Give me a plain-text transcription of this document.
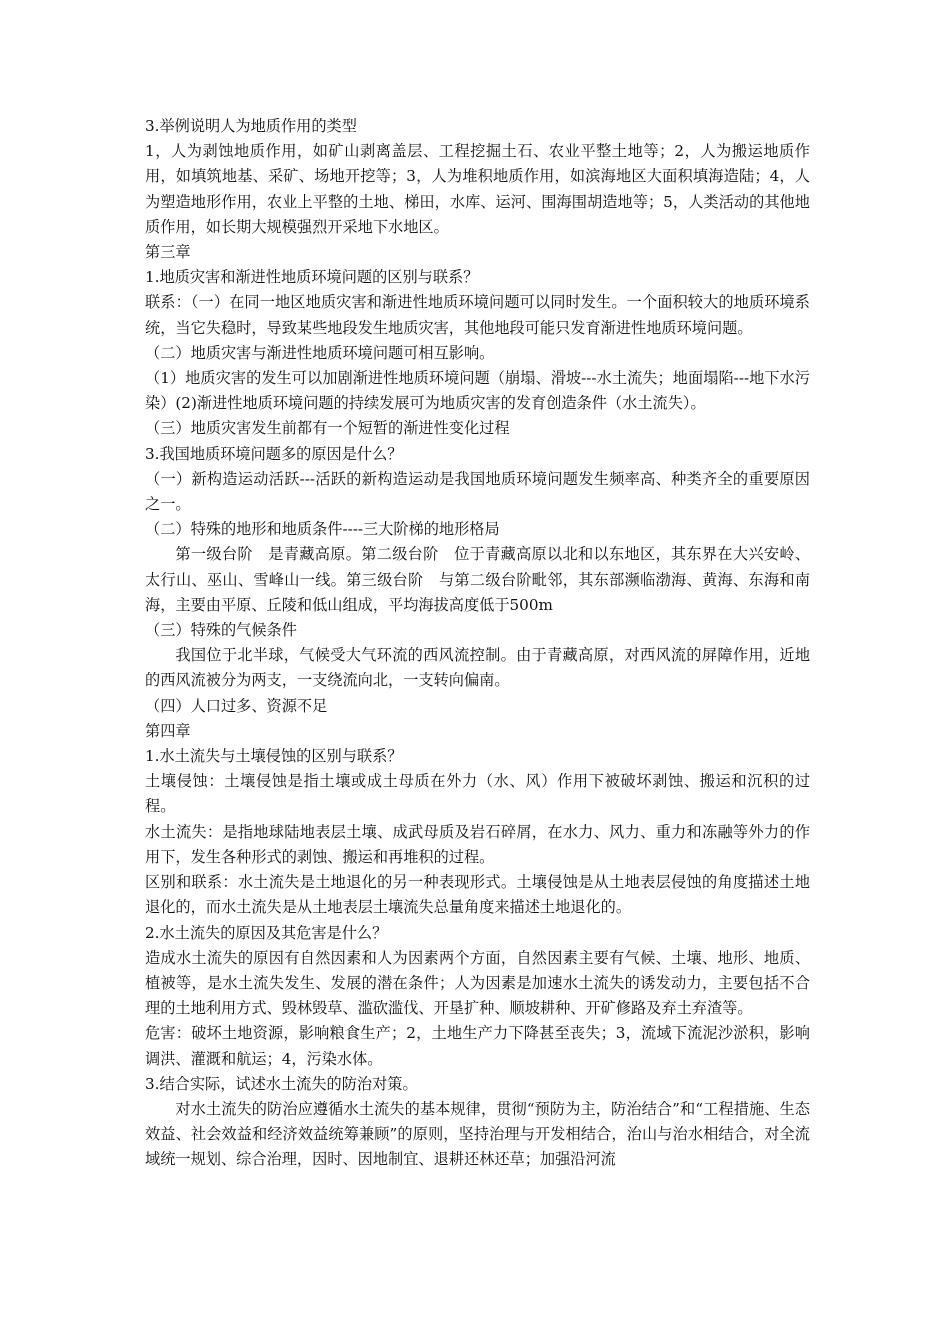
3.举例说明人为地质作用的类型

1，人为剥蚀地质作用，如矿山剥离盖层、工程挖掘土石、农业平整土地等；2，人为搬运地质作用，如填筑地基、采矿、场地开挖等；3，人为堆积地质作用，如滨海地区大面积填海造陆；4，人为塑造地形作用，农业上平整的土地、梯田，水库、运河、围海围胡造地等；5，人类活动的其他地质作用，如长期大规模强烈开采地下水地区。

第三章

1.地质灾害和渐进性地质环境问题的区别与联系？

联系：（一）在同一地区地质灾害和渐进性地质环境问题可以同时发生。一个面积较大的地质环境系统，当它失稳时，导致某些地段发生地质灾害，其他地段可能只发育渐进性地质环境问题。

（二）地质灾害与渐进性地质环境问题可相互影响。

（1）地质灾害的发生可以加剧渐进性地质环境问题（崩塌、滑坡---水土流失；地面塌陷---地下水污染）(2)渐进性地质环境问题的持续发展可为地质灾害的发育创造条件（水土流失）。

（三）地质灾害发生前都有一个短暂的渐进性变化过程

3.我国地质环境问题多的原因是什么？

（一）新构造运动活跃---活跃的新构造运动是我国地质环境问题发生频率高、种类齐全的重要原因之一。

（二）特殊的地形和地质条件----三大阶梯的地形格局

第一级台阶　是青藏高原。第二级台阶　位于青藏高原以北和以东地区，其东界在大兴安岭、太行山、巫山、雪峰山一线。第三级台阶　与第二级台阶毗邻，其东部濒临渤海、黄海、东海和南海，主要由平原、丘陵和低山组成，平均海拔高度低于500m

（三）特殊的气候条件

我国位于北半球，气候受大气环流的西风流控制。由于青藏高原，对西风流的屏障作用，近地的西风流被分为两支，一支绕流向北，一支转向偏南。

（四）人口过多、资源不足

第四章

1.水土流失与土壤侵蚀的区别与联系？

土壤侵蚀：土壤侵蚀是指土壤或成土母质在外力（水、风）作用下被破坏剥蚀、搬运和沉积的过程。

水土流失：是指地球陆地表层土壤、成武母质及岩石碎屑，在水力、风力、重力和冻融等外力的作用下，发生各种形式的剥蚀、搬运和再堆积的过程。

区别和联系：水土流失是土地退化的另一种表现形式。土壤侵蚀是从土地表层侵蚀的角度描述土地退化的，而水土流失是从土地表层土壤流失总量角度来描述土地退化的。

2.水土流失的原因及其危害是什么？

造成水土流失的原因有自然因素和人为因素两个方面，自然因素主要有气候、土壤、地形、地质、植被等，是水土流失发生、发展的潜在条件；人为因素是加速水土流失的诱发动力，主要包括不合理的土地利用方式、毁林毁草、滥砍滥伐、开垦扩种、顺坡耕种、开矿修路及弃土弃渣等。

危害：破坏土地资源，影响粮食生产；2，土地生产力下降甚至丧失；3，流域下流泥沙淤积，影响调洪、灌溉和航运；4，污染水体。

3.结合实际，试述水土流失的防治对策。

对水土流失的防治应遵循水土流失的基本规律，贯彻“预防为主，防治结合”和“工程措施、生态效益、社会效益和经济效益统筹兼顾”的原则，坚持治理与开发相结合，治山与治水相结合，对全流域统一规划、综合治理，因时、因地制宜、退耕还林还草；加强沿河流
